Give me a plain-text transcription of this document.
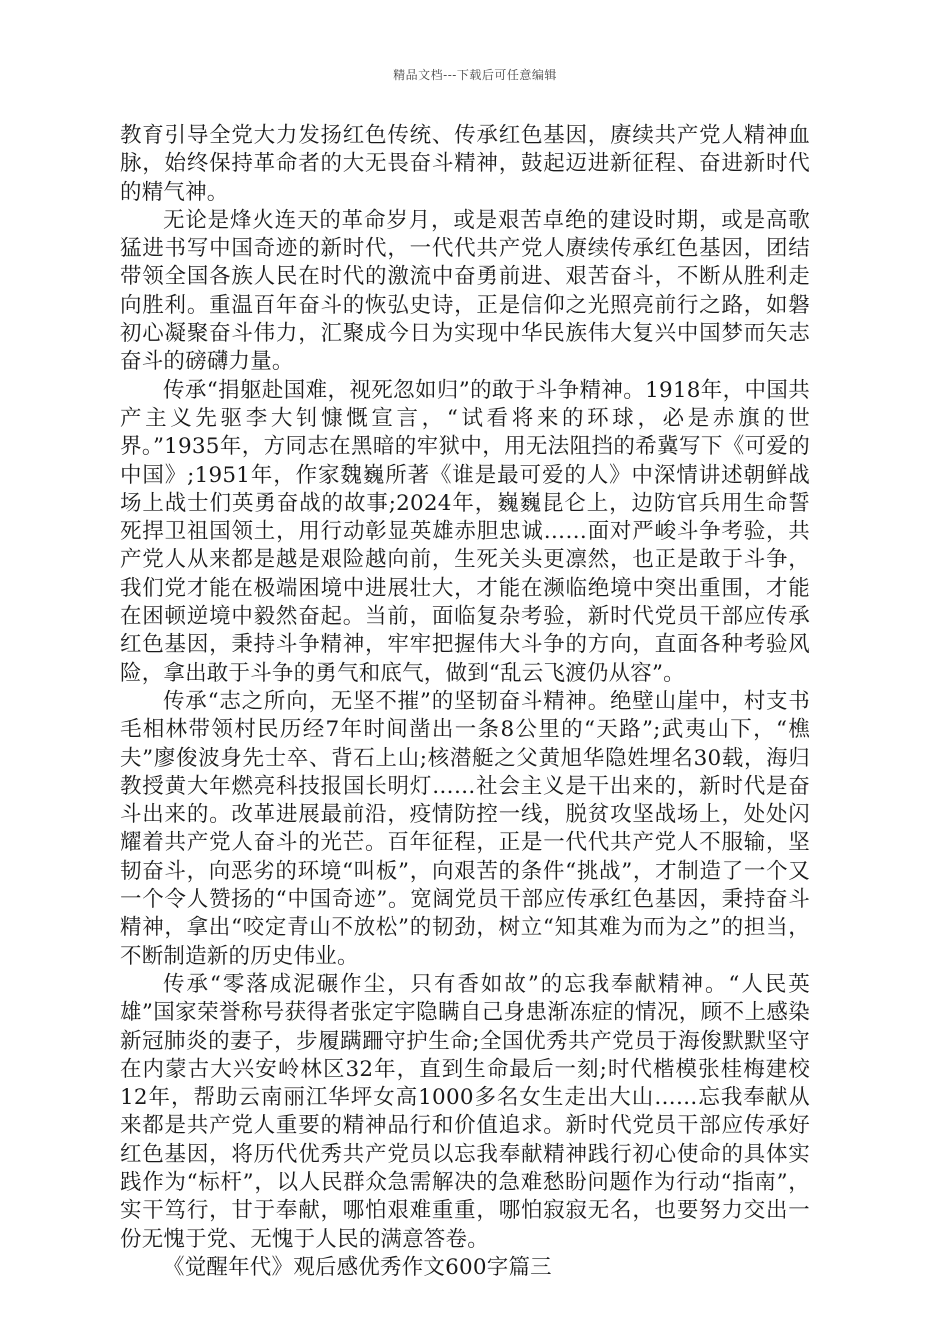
精品文档---下载后可任意编辑

教育引导全党大力发扬红色传统、传承红色基因，赓续共产党人精神血脉，始终保持革命者的大无畏奋斗精神，鼓起迈进新征程、奋进新时代的精气神。

无论是烽火连天的革命岁月，或是艰苦卓绝的建设时期，或是高歌猛进书写中国奇迹的新时代，一代代共产党人赓续传承红色基因，团结带领全国各族人民在时代的激流中奋勇前进、艰苦奋斗，不断从胜利走向胜利。重温百年奋斗的恢弘史诗，正是信仰之光照亮前行之路，如磐初心凝聚奋斗伟力，汇聚成今日为实现中华民族伟大复兴中国梦而矢志奋斗的磅礴力量。

传承“捐躯赴国难，视死忽如归”的敢于斗争精神。1918年，中国共产主义先驱李大钊慷慨宣言，“试看将来的环球，必是赤旗的世界。”1935年，方同志在黑暗的牢狱中，用无法阻挡的希冀写下《可爱的中国》;1951年，作家魏巍所著《谁是最可爱的人》中深情讲述朝鲜战场上战士们英勇奋战的故事;2024年，巍巍昆仑上，边防官兵用生命誓死捍卫祖国领土，用行动彰显英雄赤胆忠诚……面对严峻斗争考验，共产党人从来都是越是艰险越向前，生死关头更凛然，也正是敢于斗争，我们党才能在极端困境中进展壮大，才能在濒临绝境中突出重围，才能在困顿逆境中毅然奋起。当前，面临复杂考验，新时代党员干部应传承红色基因，秉持斗争精神，牢牢把握伟大斗争的方向，直面各种考验风险，拿出敢于斗争的勇气和底气，做到“乱云飞渡仍从容”。

传承“志之所向，无坚不摧”的坚韧奋斗精神。绝壁山崖中，村支书毛相林带领村民历经7年时间凿出一条8公里的“天路”;武夷山下，“樵夫”廖俊波身先士卒、背石上山;核潜艇之父黄旭华隐姓埋名30载，海归教授黄大年燃亮科技报国长明灯……社会主义是干出来的，新时代是奋斗出来的。改革进展最前沿，疫情防控一线，脱贫攻坚战场上，处处闪耀着共产党人奋斗的光芒。百年征程，正是一代代共产党人不服输，坚韧奋斗，向恶劣的环境“叫板”，向艰苦的条件“挑战”，才制造了一个又一个令人赞扬的“中国奇迹”。宽阔党员干部应传承红色基因，秉持奋斗精神，拿出“咬定青山不放松”的韧劲，树立“知其难为而为之”的担当，不断制造新的历史伟业。

传承“零落成泥碾作尘，只有香如故”的忘我奉献精神。“人民英雄”国家荣誉称号获得者张定宇隐瞒自己身患渐冻症的情况，顾不上感染新冠肺炎的妻子，步履蹒跚守护生命;全国优秀共产党员于海俊默默坚守在内蒙古大兴安岭林区32年，直到生命最后一刻;时代楷模张桂梅建校12年，帮助云南丽江华坪女高1000多名女生走出大山……忘我奉献从来都是共产党人重要的精神品行和价值追求。新时代党员干部应传承好红色基因，将历代优秀共产党员以忘我奉献精神践行初心使命的具体实践作为“标杆”，以人民群众急需解决的急难愁盼问题作为行动“指南”，实干笃行，甘于奉献，哪怕艰难重重，哪怕寂寂无名，也要努力交出一份无愧于党、无愧于人民的满意答卷。

《觉醒年代》观后感优秀作文600字篇三
